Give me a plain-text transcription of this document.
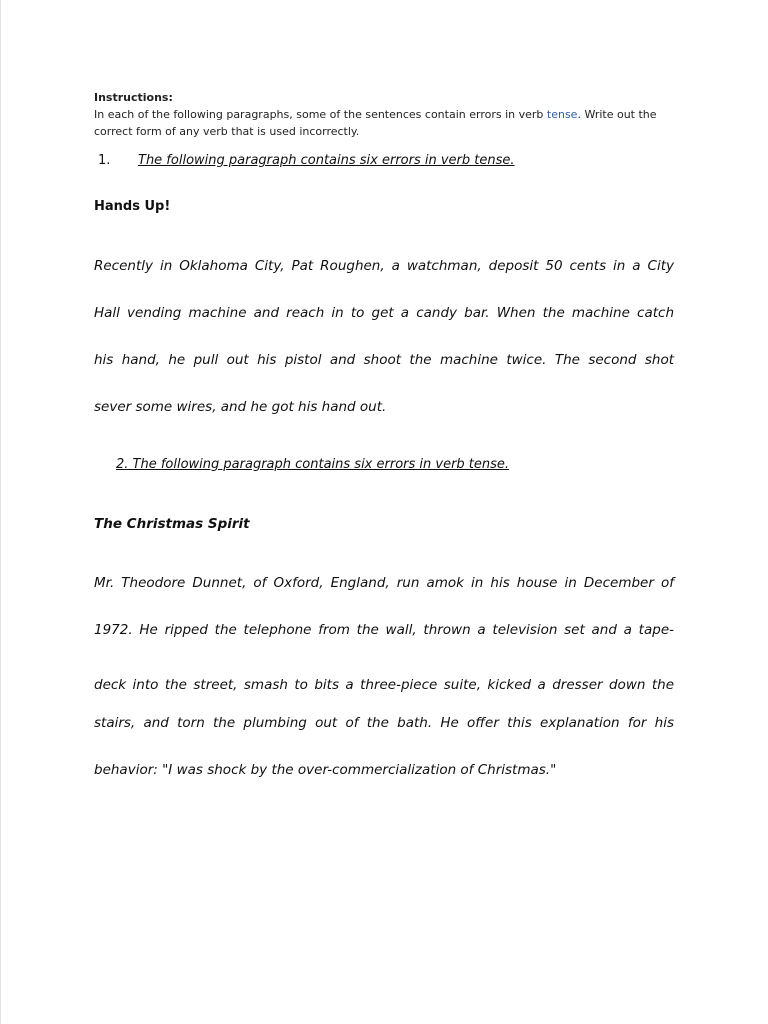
Instructions:
In each of the following paragraphs, some of the sentences contain errors in verb tense. Write out the correct form of any verb that is used incorrectly.
1. The following paragraph contains six errors in verb tense.
Hands Up!
Recently in Oklahoma City, Pat Roughen, a watchman, deposit 50 cents in a City
Hall vending machine and reach in to get a candy bar. When the machine catch
his hand, he pull out his pistol and shoot the machine twice. The second shot
sever some wires, and he got his hand out.
2. The following paragraph contains six errors in verb tense.
The Christmas Spirit
Mr. Theodore Dunnet, of Oxford, England, run amok in his house in December of
1972. He ripped the telephone from the wall, thrown a television set and a tape-
deck into the street, smash to bits a three-piece suite, kicked a dresser down the
stairs, and torn the plumbing out of the bath. He offer this explanation for his
behavior: "I was shock by the over-commercialization of Christmas."
